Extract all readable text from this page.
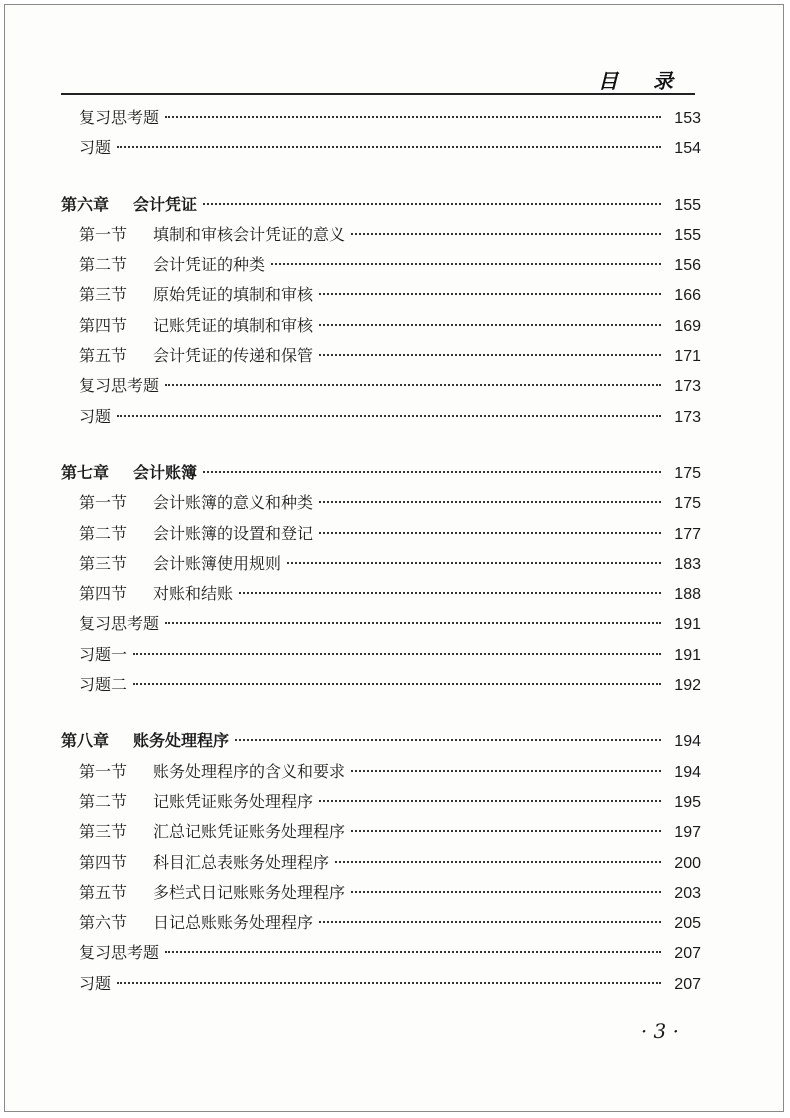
目 录
复习思考题	153
习题	154
第六章	会计凭证	155
第一节	填制和审核会计凭证的意义	155
第二节	会计凭证的种类	156
第三节	原始凭证的填制和审核	166
第四节	记账凭证的填制和审核	169
第五节	会计凭证的传递和保管	171
复习思考题	173
习题	173
第七章	会计账簿	175
第一节	会计账簿的意义和种类	175
第二节	会计账簿的设置和登记	177
第三节	会计账簿使用规则	183
第四节	对账和结账	188
复习思考题	191
习题一	191
习题二	192
第八章	账务处理程序	194
第一节	账务处理程序的含义和要求	194
第二节	记账凭证账务处理程序	195
第三节	汇总记账凭证账务处理程序	197
第四节	科目汇总表账务处理程序	200
第五节	多栏式日记账账务处理程序	203
第六节	日记总账账务处理程序	205
复习思考题	207
习题	207
· 3 ·
